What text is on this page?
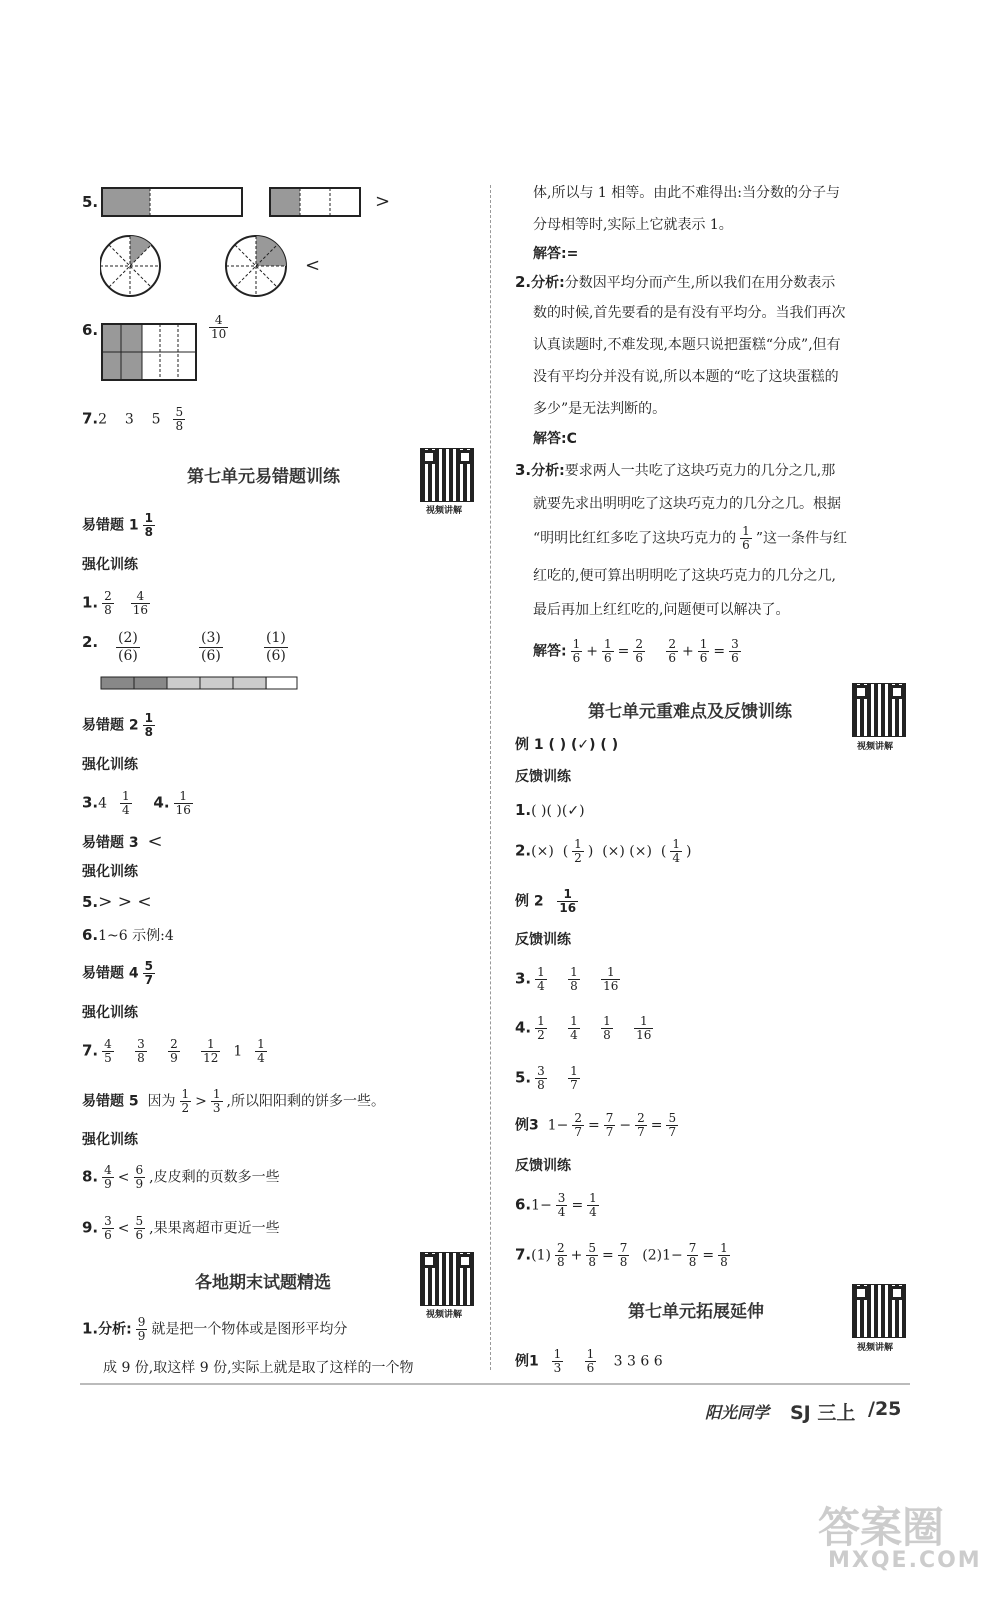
5.	>
<
6.	$\frac{4}{10}$
7.2 3 $5 \frac{5}{8}$
第七单元易错题训练
视频讲解
易错题 $1 \frac{1}{8}$
强化训练
1. $\frac{2}{8}$
$\frac{4}{16}$
2. $\frac{(2)}{(6)}$	$\frac{(3)}{(6)}$	$\frac{(1)}{(6)}$
易错题 $2 \frac{1}{8}$
强化训练
$3.4 \frac{1}{4} 4$. $\frac{1}{16}$
易错题 3 <
强化训练
5.> > <
6.1~6 示例:4
易错题 $4 \frac{5}{7}$
强化训练
7. $\frac{4}{5}$
$\frac{3}{8}$
$\frac{2}{9}$
$\frac{1}{12} 1 \frac{1}{4}$
易错题 5 因为 $\frac{1}{2} > \frac{1}{3}$ ,所以阳阳剩的饼多一些。
强化训练
8. $\frac{4}{9} < \frac{6}{9}$ ,皮皮剩的页数多一些
9. $\frac{3}{6} < \frac{5}{6}$ ,果果离超市更近一些
各地期末试题精选
视频讲解
1.分析: $\frac{9}{9}$ 就是把一个物体或是图形平均分
成 9 份,取这样 9 份,实际上就是取了这样的一个物
体,所以与 1 相等。由此不难得出:当分数的分子与
分母相等时,实际上它就表示 1。
解答:=
2.分析:分数因平均分而产生,所以我们在用分数表示
数的时候,首先要看的是有没有平均分。当我们再次
认真读题时,不难发现,本题只说把蛋糕“分成”,但有
没有平均分并没有说,所以本题的“吃了这块蛋糕的
多少”是无法判断的。
解答:C
3.分析:要求两人一共吃了这块巧克力的几分之几,那
就要先求出明明吃了这块巧克力的几分之几。根据
“明明比红红多吃了这块巧克力的 $\frac{1}{6}$ ”这一条件与红
红吃的,便可算出明明吃了这块巧克力的几分之几,
最后再加上红红吃的,问题便可以解决了。
解答: $\frac{1}{6} + \frac{1}{6} = \frac{2}{6}$
$\frac{2}{6} + \frac{1}{6} = \frac{3}{6}$
第七单元重难点及反馈训练
视频讲解
例 1 ( ) (✓) ( )
反馈训练
1.( )( )(✓)
2.(×)  ( $\frac{1}{2}$ )  (×) (×)  ( $\frac{1}{4}$ )
例 $2 \frac{1}{16}$
反馈训练
3. $\frac{1}{4}$
$\frac{1}{8}$
$\frac{1}{16}$
4. $\frac{1}{2}$
$\frac{1}{4}$
$\frac{1}{8}$
$\frac{1}{16}$
5. $\frac{3}{8}$
$\frac{1}{7}$
例3 $1- \frac{2}{7} = \frac{7}{7} - \frac{2}{7} = \frac{5}{7}$
反馈训练
$6.1- \frac{3}{4} = \frac{1}{4}$
$7.(1) \frac{2}{8} + \frac{5}{8} = \frac{7}{8} (2)1- \frac{7}{8} = \frac{1}{8}$
第七单元拓展延伸
视频讲解
例$1 \frac{1}{3}$
$\frac{1}{6} 3$ 3 6 6
阳光同学 SJ 三上 /25
答案圈
MXQE.COM
